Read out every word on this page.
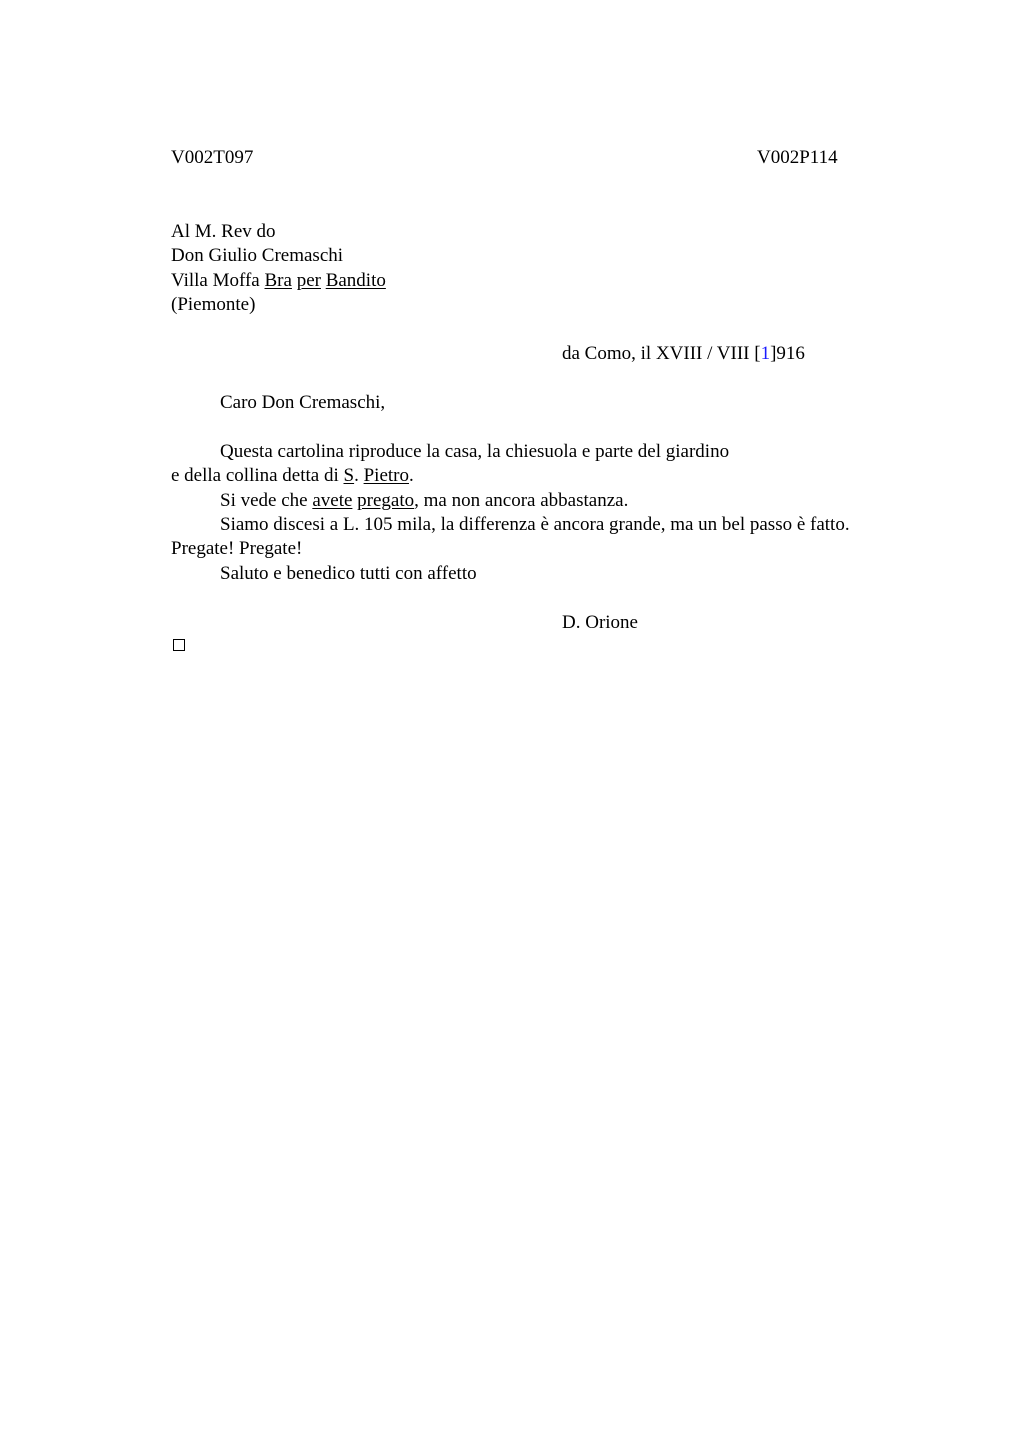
V002T097	V002P114
Al M. Rev do
Don Giulio Cremaschi
Villa Moffa Bra per Bandito
(Piemonte)
da Como, il XVIII / VIII [1]916
Caro Don Cremaschi,
Questa cartolina riproduce la casa, la chiesuola e parte del giardino
e della collina detta di S. Pietro.
Si vede che avete pregato, ma non ancora abbastanza.
Siamo discesi a L. 105 mila, la differenza è ancora grande, ma un bel passo è fatto.
Pregate! Pregate!
Saluto e benedico tutti con affetto
D. Orione
